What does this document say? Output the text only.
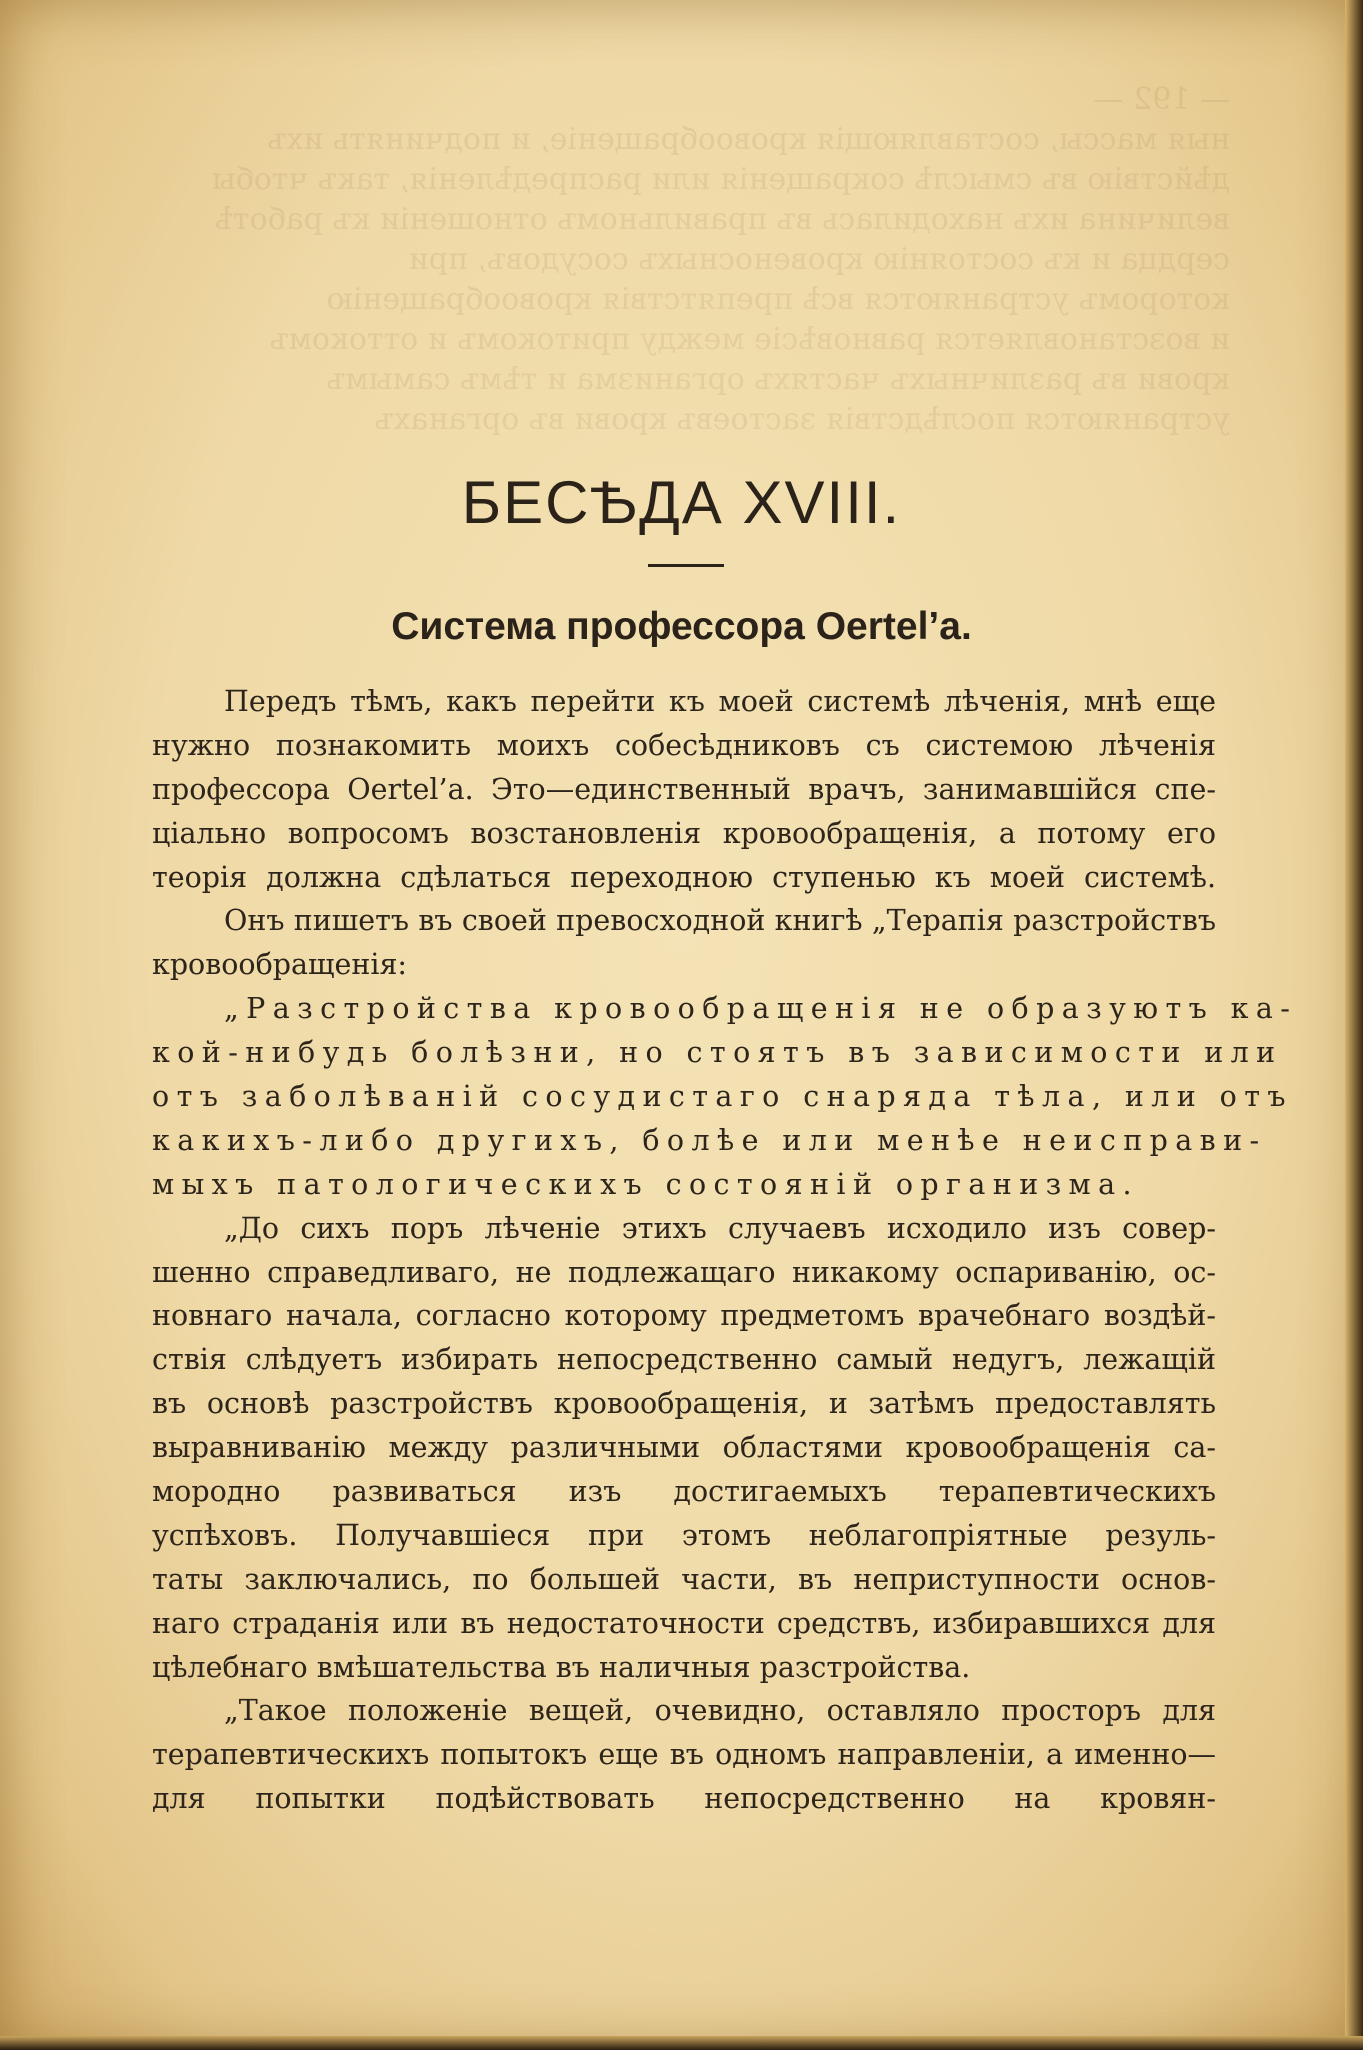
— 192 —

ныя массы, составляющія кровообращеніе, и подчинять ихъ

дѣйствію въ смыслѣ сокращенія или распредѣленія, такъ чтобы

величина ихъ находилась въ правильномъ отношеніи къ работѣ

сердца и къ состоянію кровеносныхъ сосудовъ, при

которомъ устраняются всѣ препятствія кровообращенію

и возстановляется равновѣсіе между притокомъ и оттокомъ

крови въ различныхъ частяхъ организма и тѣмъ самымъ

устраняются послѣдствія застоевъ крови въ органахъ

БЕСѢДА XVIII.
Система профессора Oertel’a.
Передъ тѣмъ, какъ перейти къ моей системѣ лѣченія, мнѣ еще
нужно познакомить моихъ собесѣдниковъ съ системою лѣченія
профессора Oertel’a. Это—единственный врачъ, занимавшійся спе-
ціально вопросомъ возстановленія кровообращенія, а потому его
теорія должна сдѣлаться переходною ступенью къ моей системѣ.
Онъ пишетъ въ своей превосходной книгѣ „Терапія разстройствъ
кровообращенія:
„Разстройства кровообращенія не образуютъ ка-
кой-нибудь болѣзни, но стоятъ въ зависимости или
отъ заболѣваній сосудистаго снаряда тѣла, или отъ
какихъ-либо другихъ, болѣе или менѣе неисправи-
мыхъ патологическихъ состояній организма.
„До сихъ поръ лѣченіе этихъ случаевъ исходило изъ совер-
шенно справедливаго, не подлежащаго никакому оспариванію, ос-
новнаго начала, согласно которому предметомъ врачебнаго воздѣй-
ствія слѣдуетъ избирать непосредственно самый недугъ, лежащій
въ основѣ разстройствъ кровообращенія, и затѣмъ предоставлять
выравниванію между различными областями кровообращенія са-
мородно развиваться изъ достигаемыхъ терапевтическихъ
успѣховъ. Получавшіеся при этомъ неблагопріятные резуль-
таты заключались, по большей части, въ неприступности основ-
наго страданія или въ недостаточности средствъ, избиравшихся для
цѣлебнаго вмѣшательства въ наличныя разстройства.
„Такое положеніе вещей, очевидно, оставляло просторъ для
терапевтическихъ попытокъ еще въ одномъ направленіи, а именно—
для попытки подѣйствовать непосредственно на кровян-
